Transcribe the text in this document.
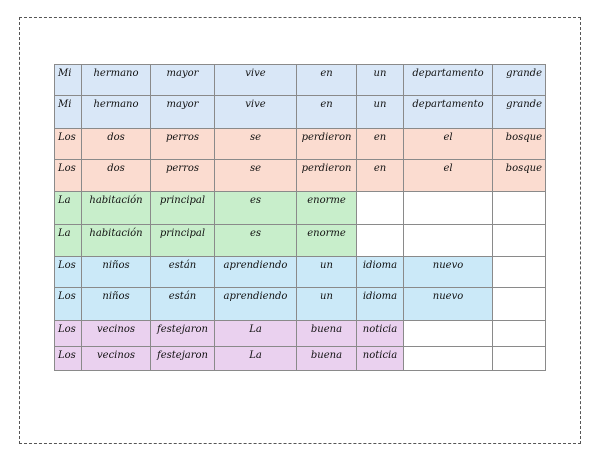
Mi	hermano	mayor	vive	en	un	departamento	grande
Mi	hermano	mayor	vive	en	un	departamento	grande
Los	dos	perros	se	perdieron	en	el	bosque
Los	dos	perros	se	perdieron	en	el	bosque
La	habitación	principal	es	enorme			
La	habitación	principal	es	enorme			
Los	niños	están	aprendiendo	un	idioma	nuevo	
Los	niños	están	aprendiendo	un	idioma	nuevo	
Los	vecinos	festejaron	La	buena	noticia		
Los	vecinos	festejaron	La	buena	noticia		
